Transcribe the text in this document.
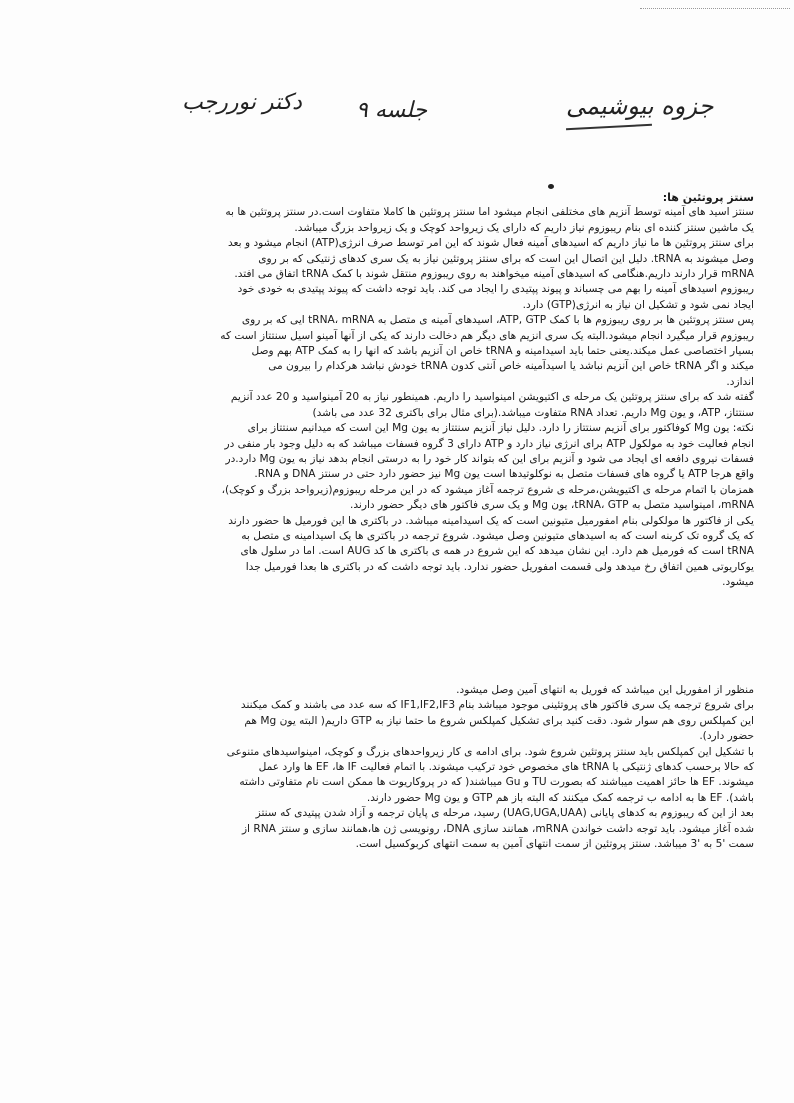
جزوه بیوشیمی
جلسه ۹
دکتر نوررجب
سنتز پروتئین ها:
سنتز اسید های آمینه توسط آنزیم های مختلفی انجام میشود اما سنتز پروتئین ها کاملا متفاوت است.در سنتز پروتئین ها به
یک ماشین سنتز کننده ای بنام ریبوزوم نیاز داریم که دارای یک زیرواحد کوچک و یک زیرواحد بزرگ میباشد.
برای سنتز پروتئین ها ما نیاز داریم که اسیدهای آمینه فعال شوند که این امر توسط صرف انرژی(ATP) انجام میشود و بعد
وصل میشوند به tRNA. دلیل این اتصال این است که برای سنتز پروتئین نیاز به یک سری کدهای ژنتیکی که بر روی
mRNA قرار دارند داریم.هنگامی که اسیدهای آمینه میخواهند به روی ریبوزوم منتقل شوند با کمک tRNA اتفاق می افتد.
ریبوزوم اسیدهای آمینه را بهم می چسباند و پیوند پپتیدی را ایجاد می کند. باید توجه داشت که پیوند پپتیدی به خودی خود
ایجاد نمی شود و تشکیل ان نیاز به انرژی(GTP) دارد.
پس سنتز پروتئین ها بر روی ریبوزوم ها با کمک ATP, GTP، اسیدهای آمینه ی متصل به tRNA، mRNA ایی که بر روی
ریبوزوم قرار میگیرد انجام میشود.البته یک سری انزیم های دیگر هم دخالت دارند که یکی از آنها آمینو اسیل سنتتاز است که
بسیار اختصاصی عمل میکند.یعنی حتما باید اسیدامینه و tRNA خاص ان آنزیم باشد که انها را به کمک ATP بهم وصل
میکند و اگر tRNA خاص این آنزیم نباشد یا اسیدآمینه خاص آنتی کدون tRNA خودش نباشد هرکدام را بیرون می
اندازد.
گفته شد که برای سنتز پروتئین یک مرحله ی اکتیویشن امینواسید را داریم. همینطور نیاز به 20 آمینواسید و 20 عدد آنزیم
سنتتاز، ATP، و یون Mg داریم. تعداد RNA متفاوت میباشد.(برای مثال برای باکتری 32 عدد می باشد)
نکته: یون Mg کوفاکتور برای آنزیم سنتتاز را دارد. دلیل نیاز آنزیم سنتتاز به یون Mg این است که میدانیم سنتتاز برای
انجام فعالیت خود به مولکول ATP برای انرژی نیاز دارد و ATP دارای 3 گروه فسفات میباشد که به دلیل وجود بار منفی در
فسفات نیروی دافعه ای ایجاد می شود و آنزیم برای این که بتواند کار خود را به درستی انجام بدهد نیاز به یون Mg دارد.در
واقع هرجا ATP یا گروه های فسفات متصل به نوکلوتیدها است یون Mg نیز حضور دارد حتی در سنتز DNA و RNA.
همزمان با اتمام مرحله ی اکتیویشن،مرحله ی شروع ترجمه آغاز میشود که در این مرحله ریبوزوم(زیرواحد بزرگ و کوچک)،
mRNA، امینواسید متصل به tRNA، GTP، یون Mg و یک سری فاکتور های دیگر حضور دارند.
یکی از فاکتور ها مولکولی بنام امفورمیل متیونین است که یک اسیدامینه میباشد. در باکتری ها این فورمیل ها حضور دارند
که یک گروه تک کربنه است که به اسیدهای متیونین وصل میشود. شروع ترجمه در باکتری ها یک اسیدامینه ی متصل به
tRNA است که فورمیل هم دارد. این نشان میدهد که این شروع در همه ی باکتری ها کد AUG است. اما در سلول های
یوکاریوتی همین اتفاق رخ میدهد ولی قسمت امفوریل حضور ندارد. باید توجه داشت که در باکتری ها بعدا فورمیل جدا
میشود.
منظور از امفوریل این میباشد که فوریل به انتهای آمین وصل میشود.
برای شروع ترجمه یک سری فاکتور های پروتئینی موجود میباشد بنام IF1,IF2,IF3 که سه عدد می باشند و کمک میکنند
این کمپلکس روی هم سوار شود. دقت کنید برای تشکیل کمپلکس شروع ما حتما نیاز به GTP داریم( البته یون Mg هم
حضور دارد).
با تشکیل این کمپلکس باید سنتز پروتئین شروع شود. برای ادامه ی کار زیرواحدهای بزرگ و کوچک، امینواسیدهای متنوعی
که حالا برحسب کدهای ژنتیکی با tRNA های مخصوص خود ترکیب میشوند. با اتمام فعالیت IF ها، EF ها وارد عمل
میشوند. EF ها حائز اهمیت میباشند که بصورت TU و Gu میباشند( که در پروکاریوت ها ممکن است نام متفاوتی داشته
باشد). EF ها به ادامه ب ترجمه کمک میکنند که البته باز هم GTP و یون Mg حضور دارند.
بعد از این که ریبوزوم به کدهای پایانی (UAG,UGA,UAA) رسید، مرحله ی پایان ترجمه و آزاد شدن پپتیدی که سنتز
شده آغاز میشود. باید توجه داشت خواندن mRNA، همانند سازی DNA، رونویسی ژن ها،همانند سازی و سنتز RNA از
سمت '5 به '3 میباشد. سنتز پروتئین از سمت انتهای آمین به سمت انتهای کربوکسیل است.
